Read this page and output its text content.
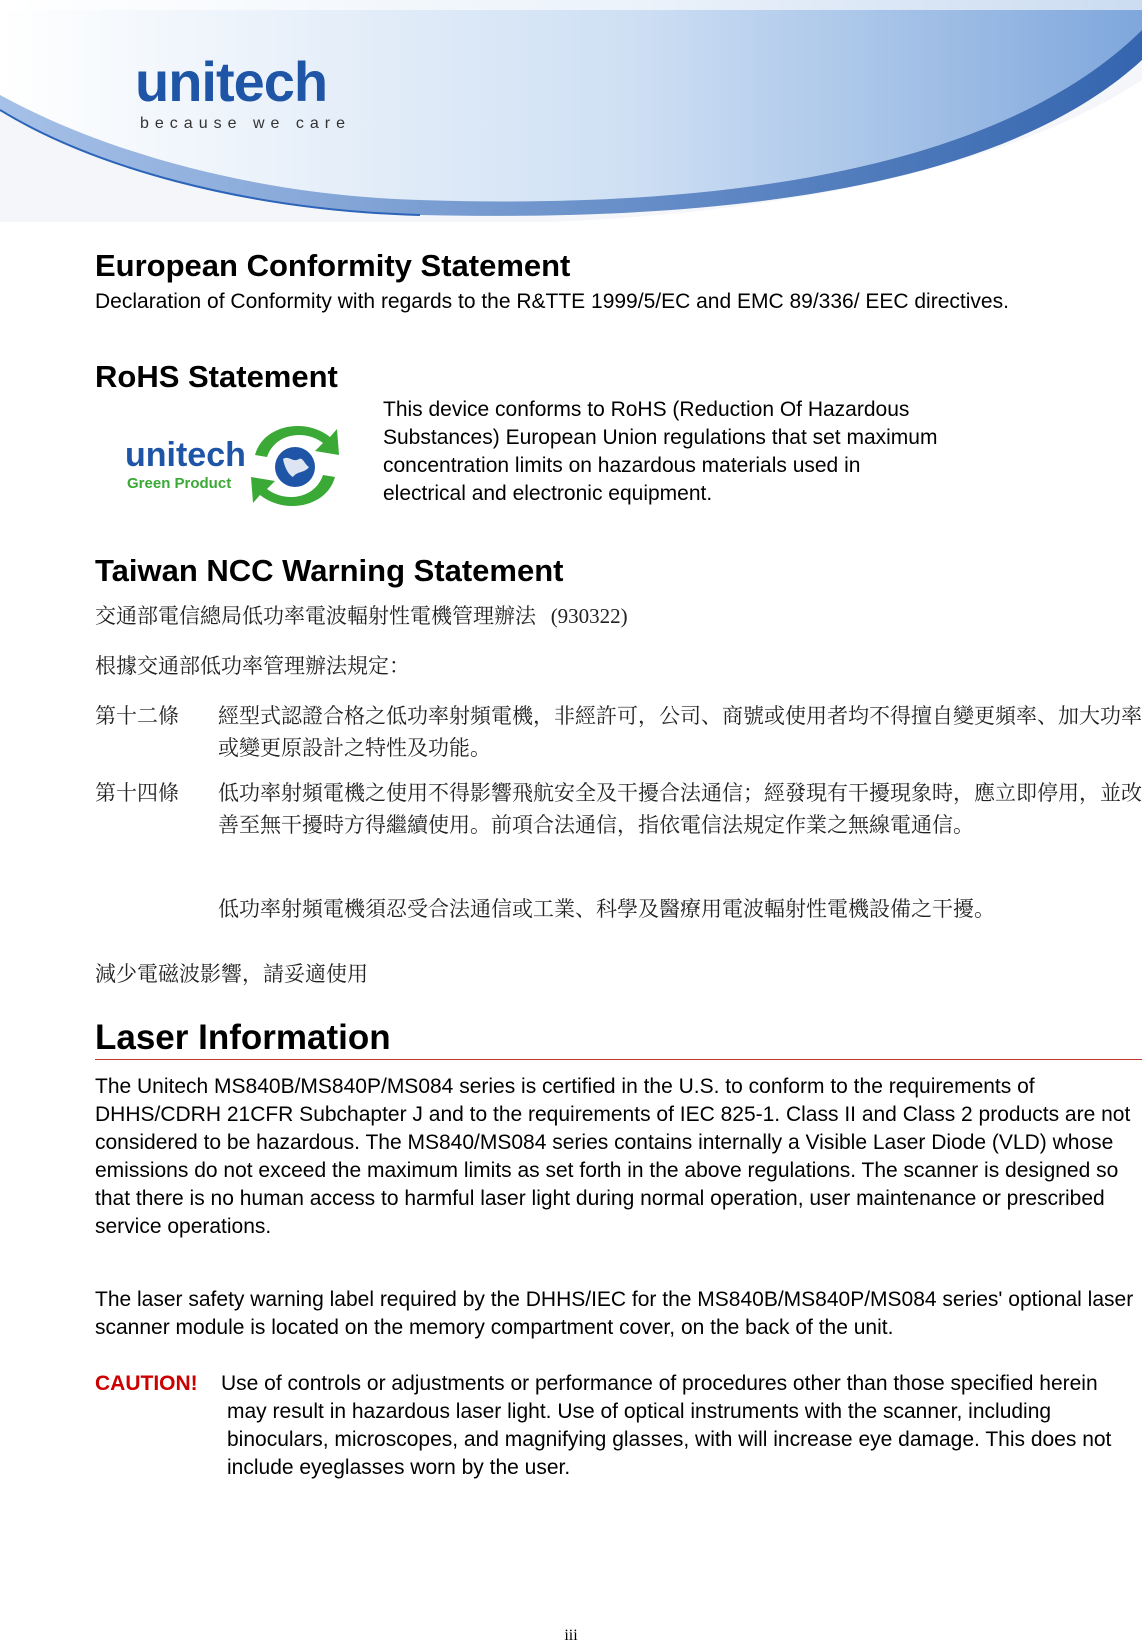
unitech
because we care
European Conformity Statement

Declaration of Conformity with regards to the R&TTE 1999/5/EC and EMC 89/336/ EEC directives.

RoHS Statement
unitech
Green Product

This device conforms to RoHS (Reduction Of Hazardous Substances) European Union regulations that set maximum concentration limits on hazardous materials used in electrical and electronic equipment.

Taiwan NCC Warning Statement

交通部電信總局低功率電波輻射性電機管理辦法 (930322)

根據交通部低功率管理辦法規定：

第十二條	經型式認證合格之低功率射頻電機，非經許可，公司、商號或使用者均不得擅自變更頻率、加大功率或變更原設計之特性及功能。
第十四條	低功率射頻電機之使用不得影響飛航安全及干擾合法通信；經發現有干擾現象時，應立即停用，並改善至無干擾時方得繼續使用。前項合法通信，指依電信法規定作業之無線電通信。

低功率射頻電機須忍受合法通信或工業、科學及醫療用電波輻射性電機設備之干擾。

減少電磁波影響，請妥適使用

Laser Information

The Unitech MS840B/MS840P/MS084 series is certified in the U.S. to conform to the requirements of DHHS/CDRH 21CFR Subchapter J and to the requirements of IEC 825-1. Class II and Class 2 products are not considered to be hazardous. The MS840/MS084 series contains internally a Visible Laser Diode (VLD) whose emissions do not exceed the maximum limits as set forth in the above regulations. The scanner is designed so that there is no human access to harmful laser light during normal operation, user maintenance or prescribed service operations.

The laser safety warning label required by the DHHS/IEC for the MS840B/MS840P/MS084 series' optional laser scanner module is located on the memory compartment cover, on the back of the unit.

CAUTION!	Use of controls or adjustments or performance of procedures other than those specified herein may result in hazardous laser light. Use of optical instruments with the scanner, including binoculars, microscopes, and magnifying glasses, with will increase eye damage. This does not include eyeglasses worn by the user.
iii
